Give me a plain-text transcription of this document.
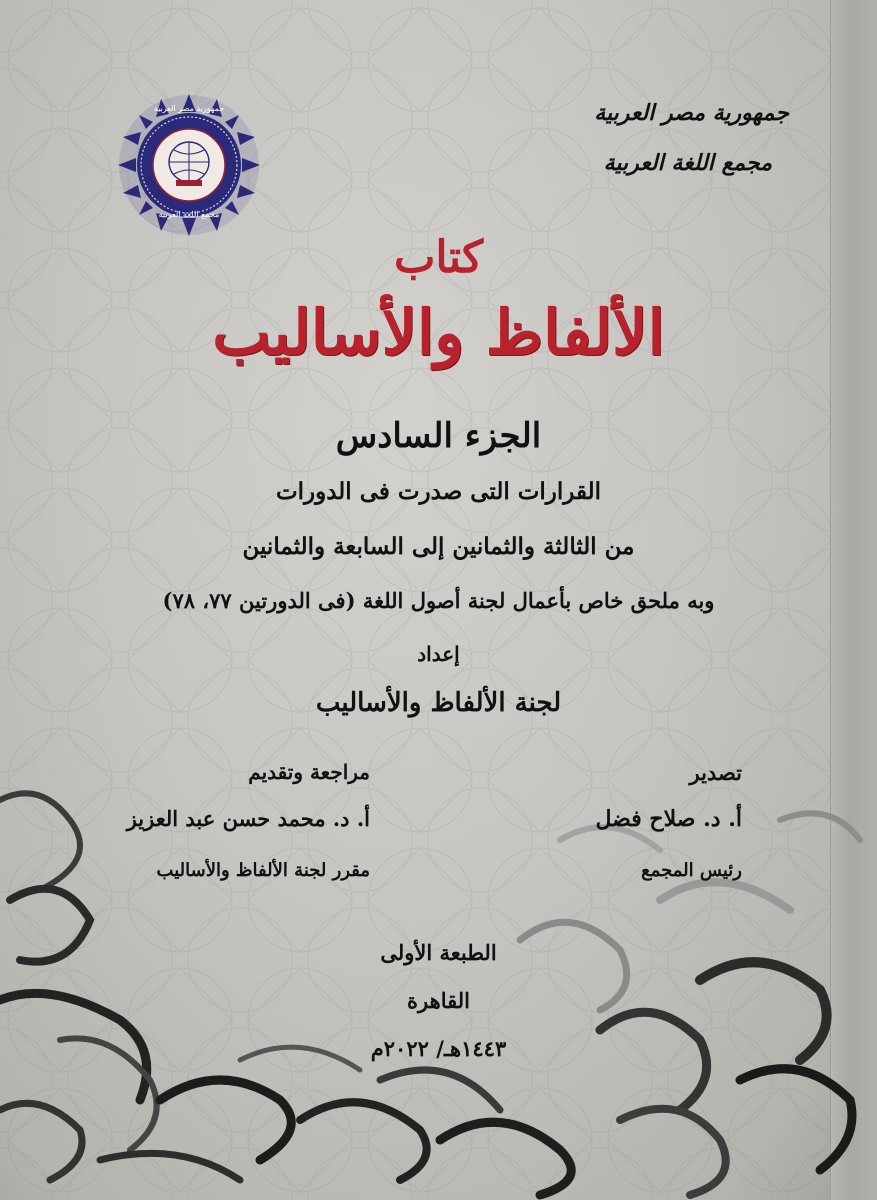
جمهورية مصر العربية
مجمع اللغة العربية
جمهورية مصر العربية
مجمع اللغة العربية
كتاب
الألفاظ والأساليب
الجزء السادس
القرارات التى صدرت فى الدورات
من الثالثة والثمانين إلى السابعة والثمانين
وبه ملحق خاص بأعمال لجنة أصول اللغة (فى الدورتين ٧٧، ٧٨)
إعداد
لجنة الألفاظ والأساليب
تصدير
أ. د. صلاح فضل
رئيس المجمع
مراجعة وتقديم
أ. د. محمد حسن عبد العزيز
مقرر لجنة الألفاظ والأساليب
الطبعة الأولى
القاهرة
١٤٤٣هـ/ ٢٠٢٢م
